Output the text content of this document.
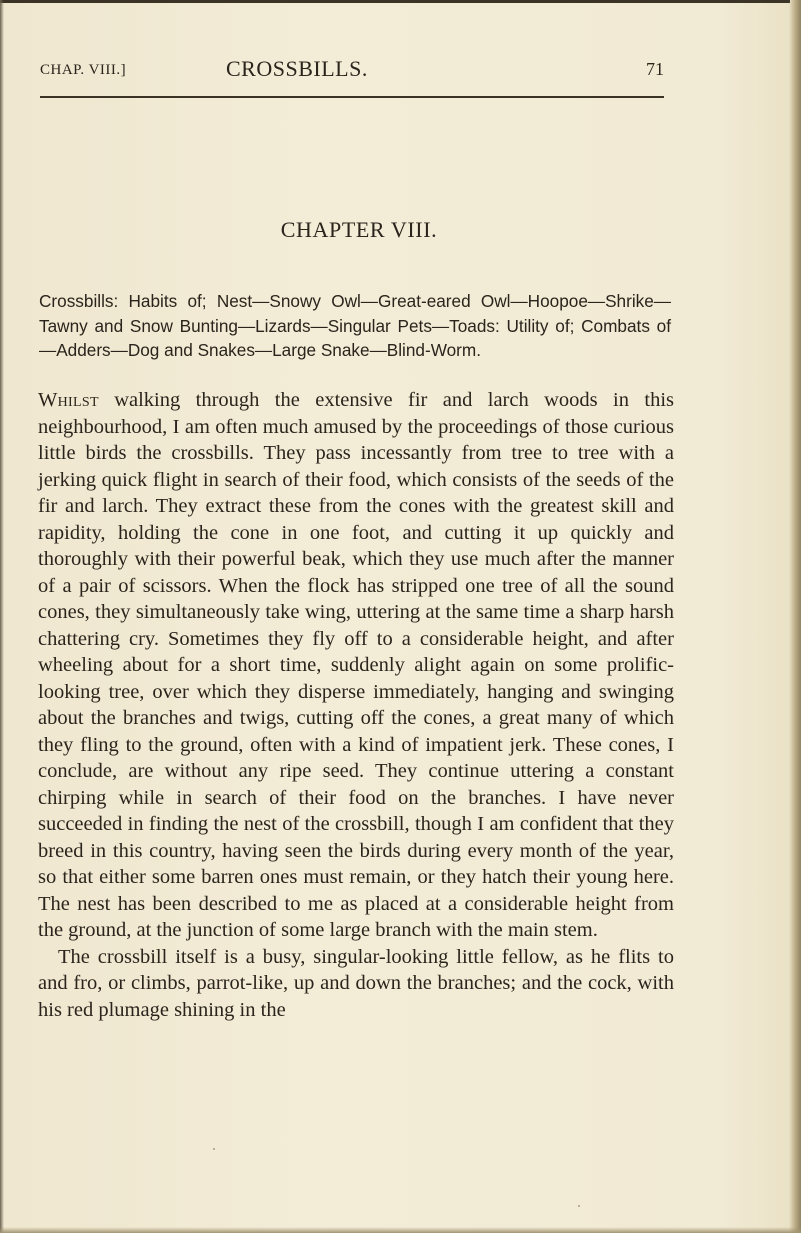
CHAP. VIII.]	CROSSBILLS.	71
CHAPTER VIII.
Crossbills: Habits of; Nest—Snowy Owl—Great-eared Owl—Hoopoe—Shrike—Tawny and Snow Bunting—Lizards—Singular Pets—Toads: Utility of; Combats of—Adders—Dog and Snakes—Large Snake—Blind-Worm.

Whilst walking through the extensive fir and larch woods in this neighbourhood, I am often much amused by the proceedings of those curious little birds the crossbills. They pass incessantly from tree to tree with a jerking quick flight in search of their food, which consists of the seeds of the fir and larch. They extract these from the cones with the greatest skill and rapidity, holding the cone in one foot, and cutting it up quickly and thoroughly with their powerful beak, which they use much after the manner of a pair of scissors. When the flock has stripped one tree of all the sound cones, they simultaneously take wing, uttering at the same time a sharp harsh chattering cry. Sometimes they fly off to a considerable height, and after wheeling about for a short time, suddenly alight again on some prolific-looking tree, over which they disperse immediately, hanging and swinging about the branches and twigs, cutting off the cones, a great many of which they fling to the ground, often with a kind of impatient jerk. These cones, I conclude, are without any ripe seed. They continue uttering a constant chirping while in search of their food on the branches. I have never succeeded in finding the nest of the crossbill, though I am confident that they breed in this country, having seen the birds during every month of the year, so that either some barren ones must remain, or they hatch their young here. The nest has been described to me as placed at a considerable height from the ground, at the junction of some large branch with the main stem.

The crossbill itself is a busy, singular-looking little fellow, as he flits to and fro, or climbs, parrot-like, up and down the branches; and the cock, with his red plumage shining in the
